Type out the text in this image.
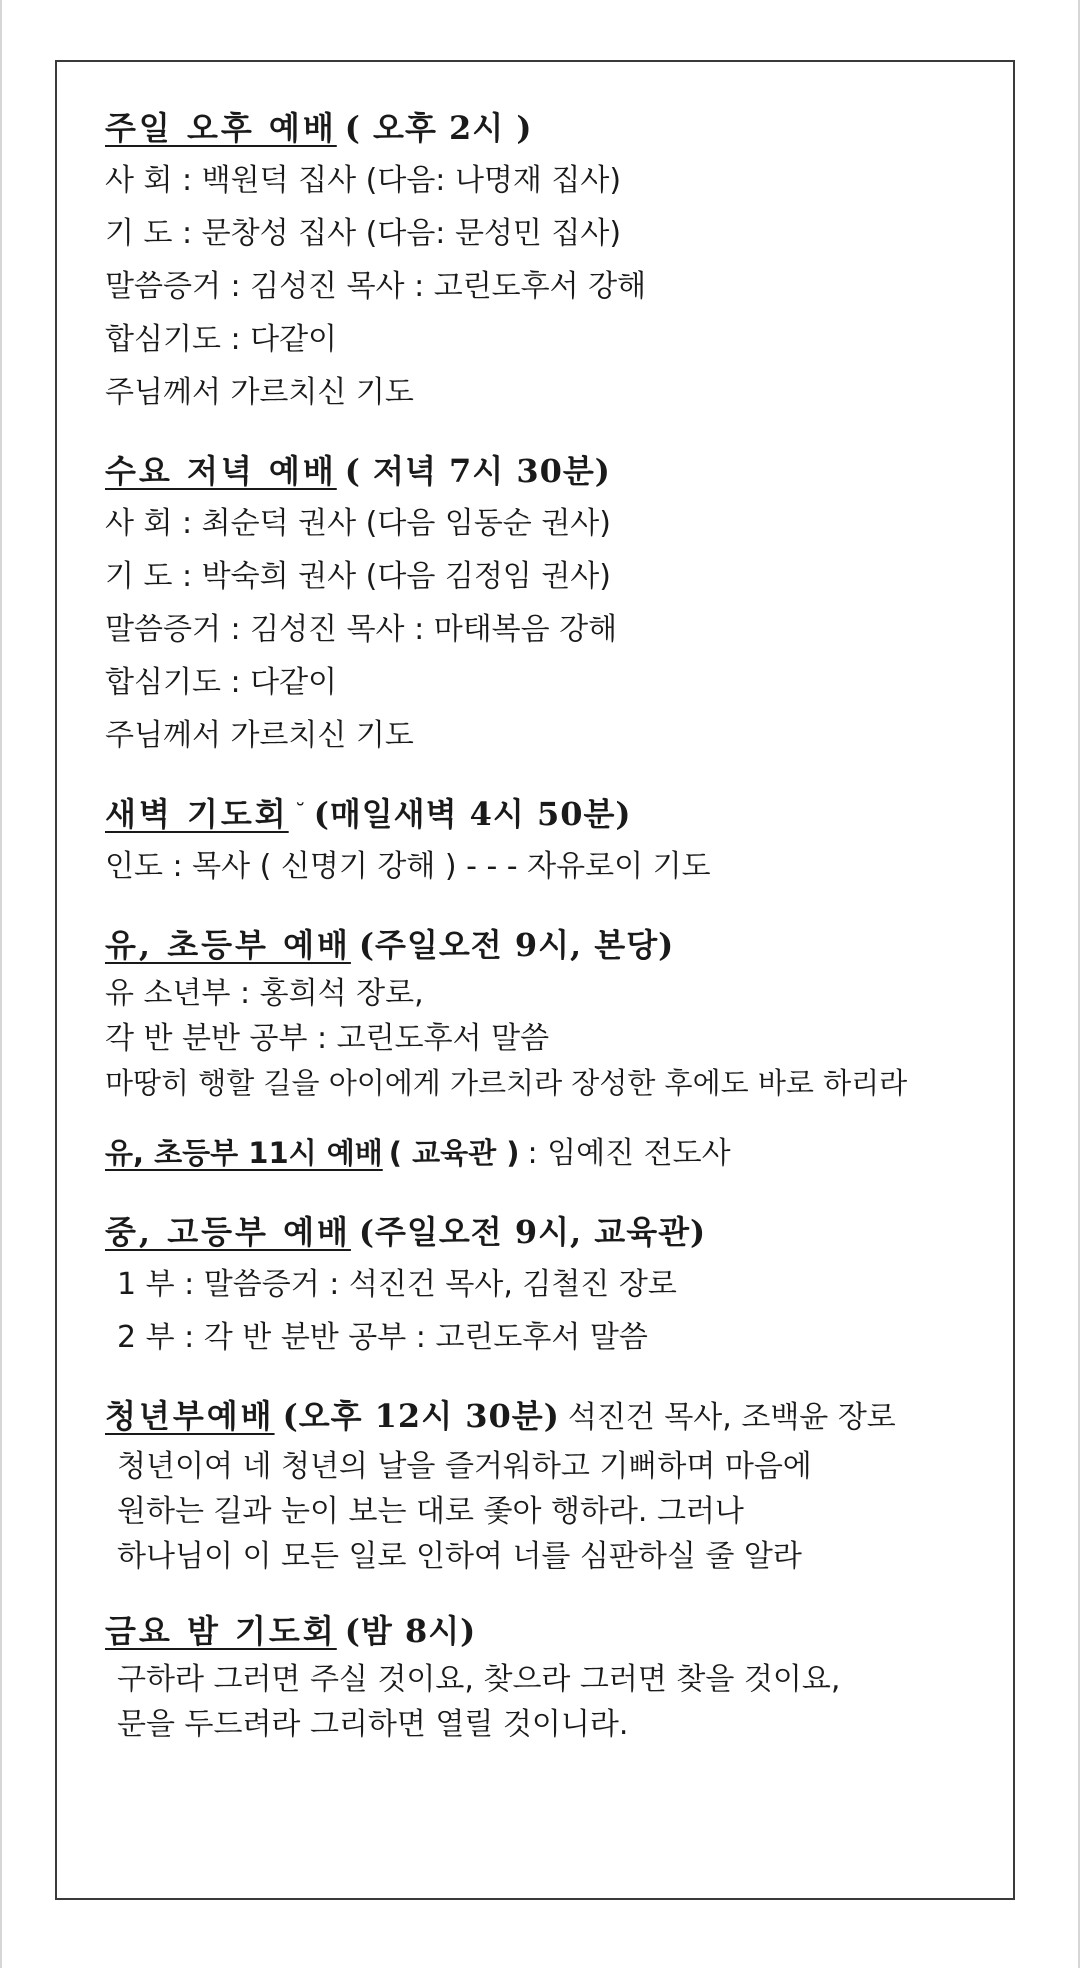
주일 오후 예배 ( 오후 2시 )
사 회 : 백원덕 집사 (다음: 나명재 집사)
기 도 : 문창성 집사 (다음: 문성민 집사)
말씀증거 : 김성진 목사 : 고린도후서 강해
합심기도 : 다같이
주님께서 가르치신 기도
수요 저녁 예배 ( 저녁 7시 30분)
사 회 : 최순덕 권사 (다음 임동순 권사)
기 도 : 박숙희 권사 (다음 김정임 권사)
말씀증거 : 김성진 목사 : 마태복음 강해
합심기도 : 다같이
주님께서 가르치신 기도
새벽 기도회 ˘ (매일새벽 4시 50분)
인도 : 목사 ( 신명기 강해 ) - - - 자유로이 기도
유, 초등부 예배 (주일오전 9시, 본당)
유 소년부 : 홍희석 장로,
각 반 분반 공부 : 고린도후서 말씀
마땅히 행할 길을 아이에게 가르치라 장성한 후에도 바로 하리라
유, 초등부 11시 예배 ( 교육관 ) : 임예진 전도사
중, 고등부 예배 (주일오전 9시, 교육관)
1 부 : 말씀증거 : 석진건 목사, 김철진 장로
2 부 : 각 반 분반 공부 : 고린도후서 말씀
청년부예배 (오후 12시 30분) 석진건 목사, 조백윤 장로
청년이여 네 청년의 날을 즐거워하고 기뻐하며 마음에
원하는 길과 눈이 보는 대로 좇아 행하라. 그러나
하나님이 이 모든 일로 인하여 너를 심판하실 줄 알라
금요 밤 기도회 (밤 8시)
구하라 그러면 주실 것이요, 찾으라 그러면 찾을 것이요,
문을 두드려라 그리하면 열릴 것이니라.
